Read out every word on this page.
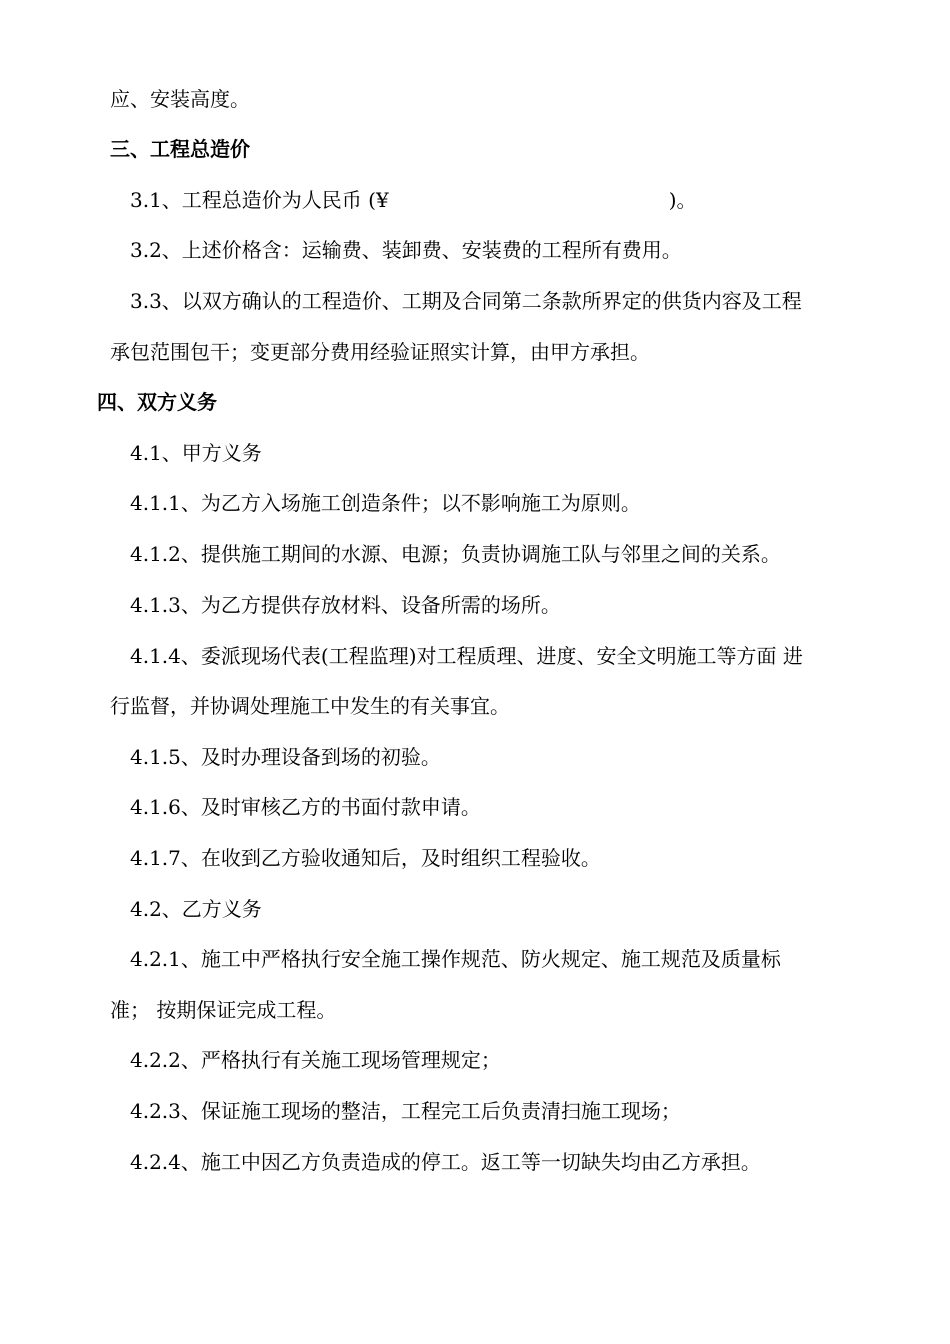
应、安装高度。
三、工程总造价
3.1、工程总造价为人民币 (¥	)。
3.2、上述价格含：运输费、装卸费、安装费的工程所有费用。
3.3、以双方确认的工程造价、工期及合同第二条款所界定的供货内容及工程
承包范围包干；变更部分费用经验证照实计算，由甲方承担。
四、双方义务
4.1、甲方义务
4.1.1、为乙方入场施工创造条件；以不影响施工为原则。
4.1.2、提供施工期间的水源、电源；负责协调施工队与邻里之间的关系。
4.1.3、为乙方提供存放材料、设备所需的场所。
4.1.4、委派现场代表(工程监理)对工程质理、进度、安全文明施工等方面 进
行监督，并协调处理施工中发生的有关事宜。
4.1.5、及时办理设备到场的初验。
4.1.6、及时审核乙方的书面付款申请。
4.1.7、在收到乙方验收通知后，及时组织工程验收。
4.2、乙方义务
4.2.1、施工中严格执行安全施工操作规范、防火规定、施工规范及质量标
准； 按期保证完成工程。
4.2.2、严格执行有关施工现场管理规定；
4.2.3、保证施工现场的整洁，工程完工后负责清扫施工现场；
4.2.4、施工中因乙方负责造成的停工。返工等一切缺失均由乙方承担。
